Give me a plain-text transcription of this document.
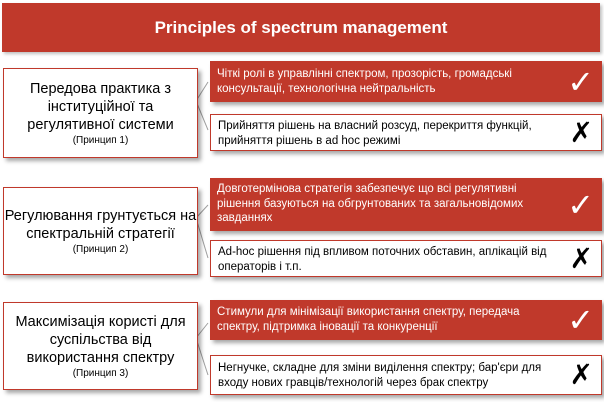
Principles of spectrum management
Передова практика з інституційної та регулятивної системи
(Принцип 1)
Чіткі ролі в управлінні спектром, прозорість, громадські консультації, технологічна нейтральність	✓
Прийняття рішень на власний розсуд, перекриття функцій, прийняття рішень в ad hoc режимі	✗
Регулювання грунтується на спектральній стратегії
(Принцип 2)
Довготермінова стратегія забезпечує що всі регулятивні рішення базуються на обгрунтованих та загальновідомих завданнях	✓
Ad-hoc рішення під впливом поточних обставин, аплікацій від операторів і т.п.	✗
Максимізація користі для суспільства від використання спектру
(Принцип 3)
Стимули для мінімізації використання спектру, передача спектру, підтримка іновації та конкуренції	✓
Негнучке, складне для зміни виділення спектру; бар'єри для входу нових гравців/технологій через брак спектру	✗
